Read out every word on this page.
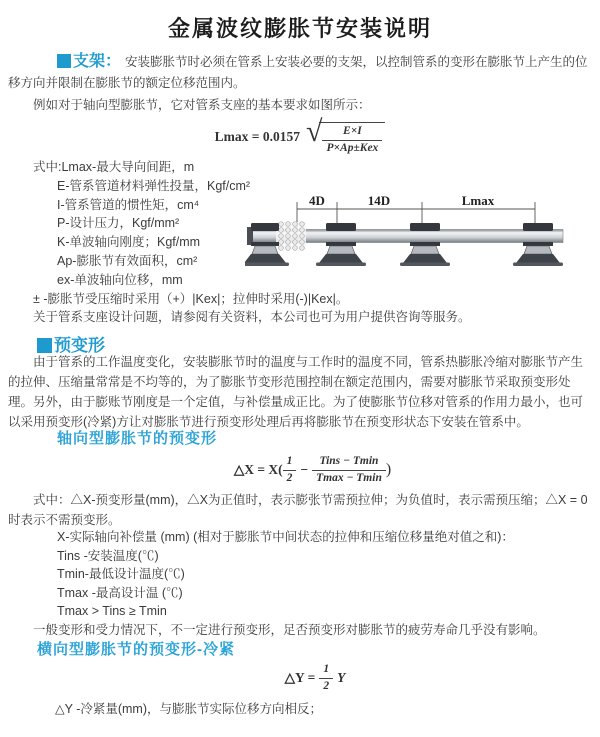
金属波纹膨胀节安装说明
支架： 安装膨胀节时必须在管系上安装必要的支架，以控制管系的变形在膨胀节上产生的位移方向并限制在膨胀节的额定位移范围内。
例如对于轴向型膨胀节，它对管系支座的基本要求如图所示：
Lmax = 0.0157 √ $\frac{E\times I}{\text{P×Ap±Kex}}$
式中:Lmax-最大导向间距，m
E-管系管道材料弹性投量，Kgf/cm²
I-管系管道的惯性矩，cm⁴
P-设计压力，Kgf/mm²
K-单波轴向刚度；Kgf/mm
Ap-膨胀节有效面积，cm²
ex-单波轴向位移，mm
± -膨胀节受压缩时采用（+）|Kex|；拉伸时采用(-)|Kex|。
关于管系支座设计问题，请参阅有关资料，本公司也可为用户提供咨询等服务。
4D	14D	Lmax
预变形
由于管系的工作温度变化，安装膨胀节时的温度与工作时的温度不同，管系热膨胀冷缩对膨胀节产生的拉伸、压缩量常常是不均等的，为了膨胀节变形范围控制在额定范围内，需要对膨胀节采取预变形处理。另外，由于膨账节刚度是一个定值，与补偿量成正比。为了使膨胀节位移对管系的作用力最小，也可以采用预变形(冷紧)方让对膨胀节进行预变形处理后再将膨胀节在预变形状态下安装在管系中。
轴向型膨胀节的预变形
△X = $X( \frac{1}{2} - \frac{\text{Tins − Tmin}}{Tmax - Tmin}$ )
式中：△X-预变形量(mm)，△X为正值时，表示膨张节需预拉伸；为负值时，表示需预压缩；△X = 0时表示不需预变形。
X-实际轴向补偿量 (mm) (相对于膨胀节中间状态的拉伸和压缩位移量绝对值之和)：
Tins -安装温度(℃)
Tmin-最低设计温度(℃)
Tmax -最高设计温 (℃)
Tmax > Tins ≥ Tmin
一般变形和受力情况下，不一定进行预变形，足否预变形对膨胀节的疲劳寿命几乎没有影响。
横向型膨胀节的预变形-冷紧
△Y = $\frac{1}{2}$ Y
△Y -冷紧量(mm)，与膨胀节实际位移方向相反；
